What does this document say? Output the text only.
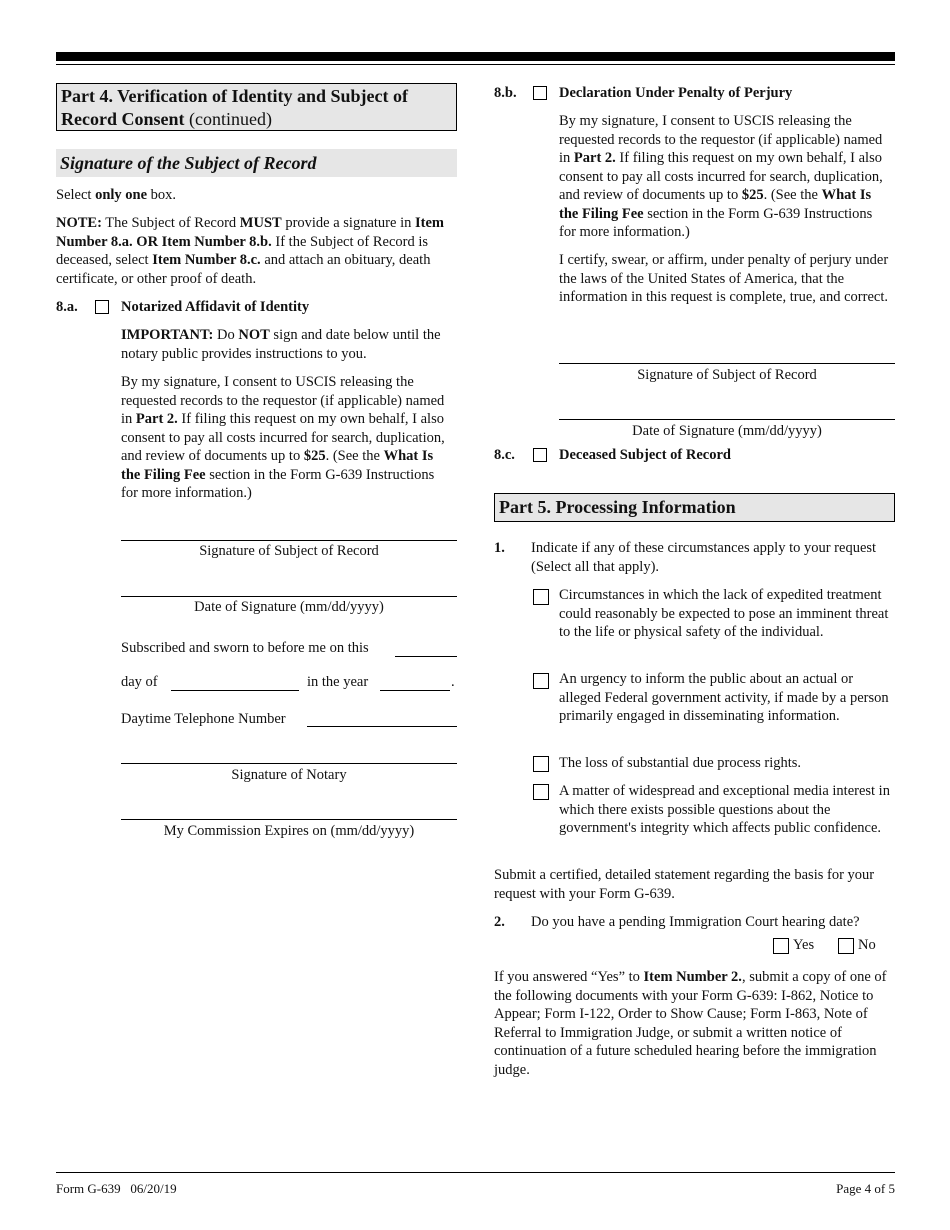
Part 4. Verification of Identity and Subject of Record Consent (continued)
Signature of the Subject of Record
Select only one box.
NOTE: The Subject of Record MUST provide a signature in Item Number 8.a. OR Item Number 8.b. If the Subject of Record is deceased, select Item Number 8.c. and attach an obituary, death certificate, or other proof of death.
8.a.	Notarized Affidavit of Identity
IMPORTANT: Do NOT sign and date below until the notary public provides instructions to you.
By my signature, I consent to USCIS releasing the requested records to the requestor (if applicable) named in Part 2. If filing this request on my own behalf, I also consent to pay all costs incurred for search, duplication, and review of documents up to $25. (See the What Is the Filing Fee section in the Form G-639 Instructions for more information.)
Signature of Subject of Record
Date of Signature (mm/dd/yyyy)
Subscribed and sworn to before me on this
day of	in the year	.
Daytime Telephone Number
Signature of Notary
My Commission Expires on (mm/dd/yyyy)
8.b.	Declaration Under Penalty of Perjury
By my signature, I consent to USCIS releasing the requested records to the requestor (if applicable) named in Part 2. If filing this request on my own behalf, I also consent to pay all costs incurred for search, duplication, and review of documents up to $25. (See the What Is the Filing Fee section in the Form G-639 Instructions for more information.)
I certify, swear, or affirm, under penalty of perjury under the laws of the United States of America, that the information in this request is complete, true, and correct.
Signature of Subject of Record
Date of Signature (mm/dd/yyyy)
8.c.	Deceased Subject of Record
Part 5. Processing Information
1. Indicate if any of these circumstances apply to your request (Select all that apply).
Circumstances in which the lack of expedited treatment could reasonably be expected to pose an imminent threat to the life or physical safety of the individual.
An urgency to inform the public about an actual or alleged Federal government activity, if made by a person primarily engaged in disseminating information.
The loss of substantial due process rights.
A matter of widespread and exceptional media interest in which there exists possible questions about the government's integrity which affects public confidence.
Submit a certified, detailed statement regarding the basis for your request with your Form G-639.
2. Do you have a pending Immigration Court hearing date?
Yes	No
If you answered “Yes” to Item Number 2., submit a copy of one of the following documents with your Form G-639: I-862, Notice to Appear; Form I-122, Order to Show Cause; Form I-863, Note of Referral to Immigration Judge, or submit a written notice of continuation of a future scheduled hearing before the immigration judge.
Form G-639   06/20/19	Page 4 of 5
